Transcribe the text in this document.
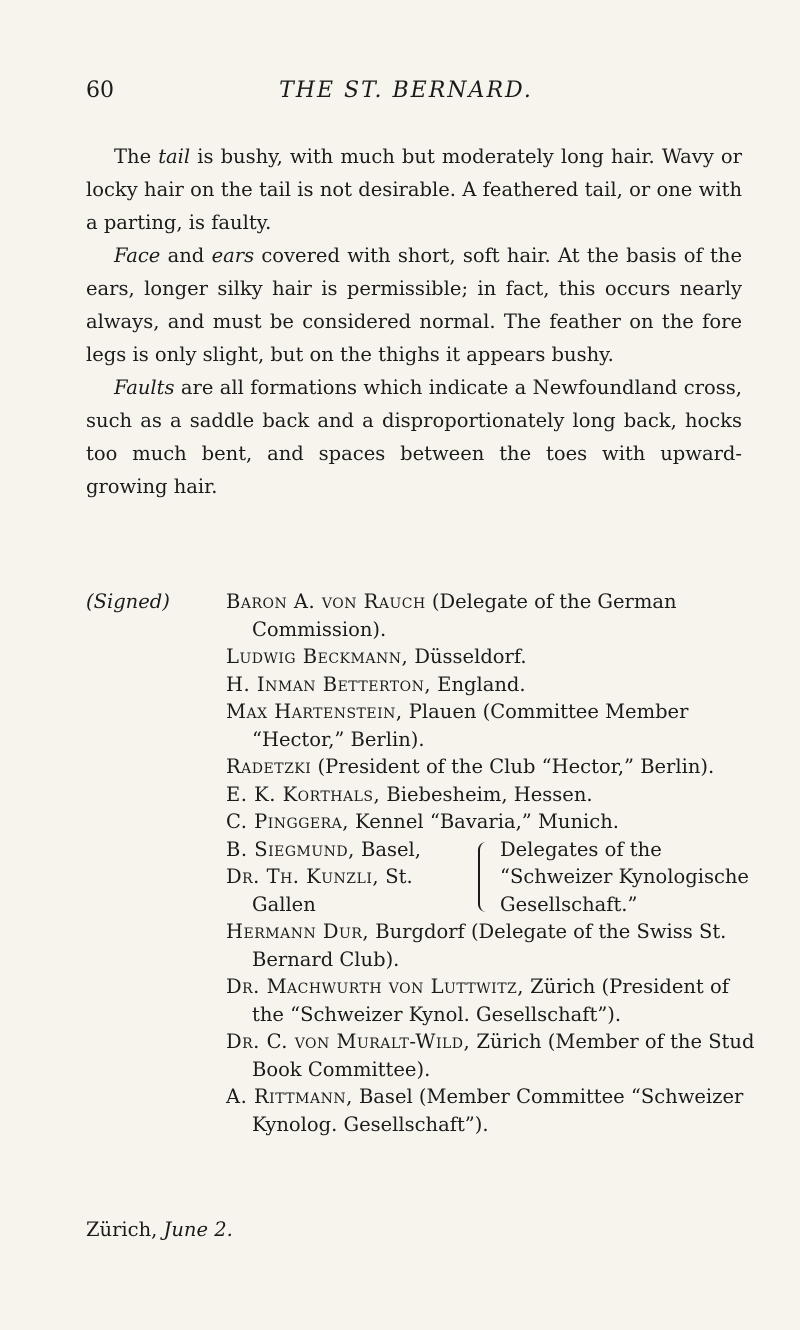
60	THE ST. BERNARD.

The tail is bushy, with much but moderately long hair. Wavy or locky hair on the tail is not desirable. A feathered tail, or one with a parting, is faulty.

Face and ears covered with short, soft hair. At the basis of the ears, longer silky hair is permissible; in fact, this occurs nearly always, and must be considered normal. The feather on the fore legs is only slight, but on the thighs it appears bushy.

Faults are all formations which indicate a Newfoundland cross, such as a saddle back and a disproportionately long back, hocks too much bent, and spaces between the toes with upward-growing hair.

(Signed)	Baron A. von Rauch (Delegate of the German Commission).

Ludwig Beckmann, Düsseldorf.

H. Inman Betterton, England.

Max Hartenstein, Plauen (Committee Member “Hector,” Berlin).

Radetzki (President of the Club “Hector,” Berlin).

E. K. Korthals, Biebesheim, Hessen.

C. Pinggera, Kennel “Bavaria,” Munich.

B. Siegmund, Basel,

Dr. Th. Kunzli, St. Gallen

Delegates of the “Schweizer Kynologische Gesellschaft.”

Hermann Dur, Burgdorf (Delegate of the Swiss St. Bernard Club).

Dr. Machwurth von Luttwitz, Zürich (President of the “Schweizer Kynol. Gesellschaft”).

Dr. C. von Muralt-Wild, Zürich (Member of the Stud Book Committee).

A. Rittmann, Basel (Member Committee “Schweizer Kynolog. Gesellschaft”).

Zürich, June 2.
